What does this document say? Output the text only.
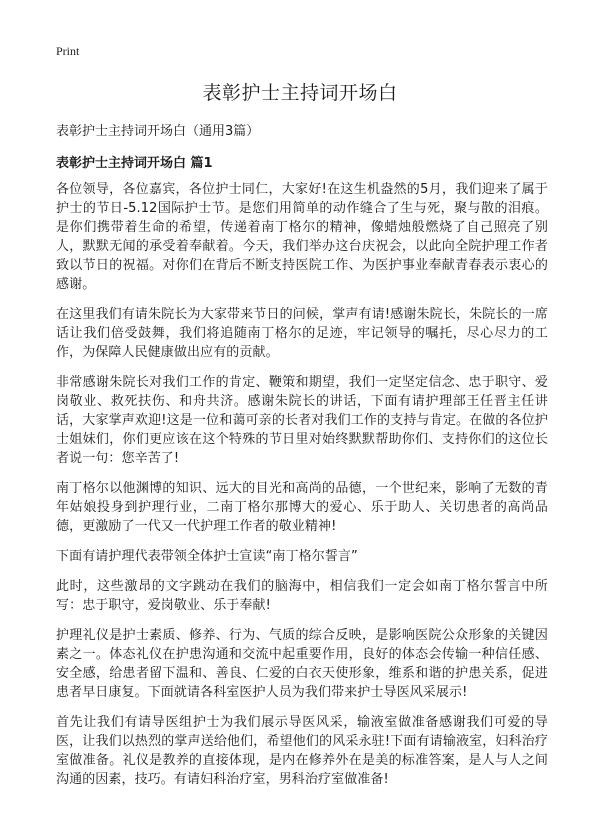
Print
表彰护士主持词开场白

表彰护士主持词开场白（通用3篇）

表彰护士主持词开场白 篇1

各位领导，各位嘉宾，各位护士同仁，大家好!在这生机盎然的5月，我们迎来了属于护士的节日-5.12国际护士节。是您们用简单的动作缝合了生与死，聚与散的泪痕。是你们携带着生命的希望，传递着南丁格尔的精神，像蜡烛般燃烧了自己照亮了别人，默默无闻的承受着奉献着。今天，我们举办这台庆祝会，以此向全院护理工作者致以节日的祝福。对你们在背后不断支持医院工作、为医护事业奉献青春表示衷心的感谢。

在这里我们有请朱院长为大家带来节日的问候，掌声有请!感谢朱院长，朱院长的一席话让我们倍受鼓舞，我们将追随南丁格尔的足迹，牢记领导的嘱托，尽心尽力的工作，为保障人民健康做出应有的贡献。

非常感谢朱院长对我们工作的肯定、鞭策和期望，我们一定坚定信念、忠于职守、爱岗敬业、救死扶伤、和舟共济。感谢朱院长的讲话，下面有请护理部王任晋主任讲话，大家掌声欢迎!这是一位和蔼可亲的长者对我们工作的支持与肯定。在做的各位护士姐妹们，你们更应该在这个特殊的节日里对始终默默帮助你们、支持你们的这位长者说一句：您辛苦了!

南丁格尔以他渊博的知识、远大的目光和高尚的品德，一个世纪来，影响了无数的青年姑娘投身到护理行业，二南丁格尔那博大的爱心、乐于助人、关切患者的高尚品德，更激励了一代又一代护理工作者的敬业精神!

下面有请护理代表带领全体护士宣读“南丁格尔誓言”

此时，这些激昂的文字跳动在我们的脑海中，相信我们一定会如南丁格尔誓言中所写：忠于职守，爱岗敬业、乐于奉献!

护理礼仪是护士素质、修养、行为、气质的综合反映，是影响医院公众形象的关键因素之一。体态礼仪在护患沟通和交流中起重要作用，良好的体态会传输一种信任感、安全感，给患者留下温和、善良、仁爱的白衣天使形象，维系和谐的护患关系，促进患者早日康复。下面就请各科室医护人员为我们带来护士导医风采展示!

首先让我们有请导医组护士为我们展示导医风采，输液室做准备感谢我们可爱的导医，让我们以热烈的掌声送给他们，希望他们的风采永驻!下面有请输液室，妇科治疗室做准备。礼仪是教养的直接体现，是内在修养外在是美的标准答案，是人与人之间沟通的因素，技巧。有请妇科治疗室，男科治疗室做准备!
